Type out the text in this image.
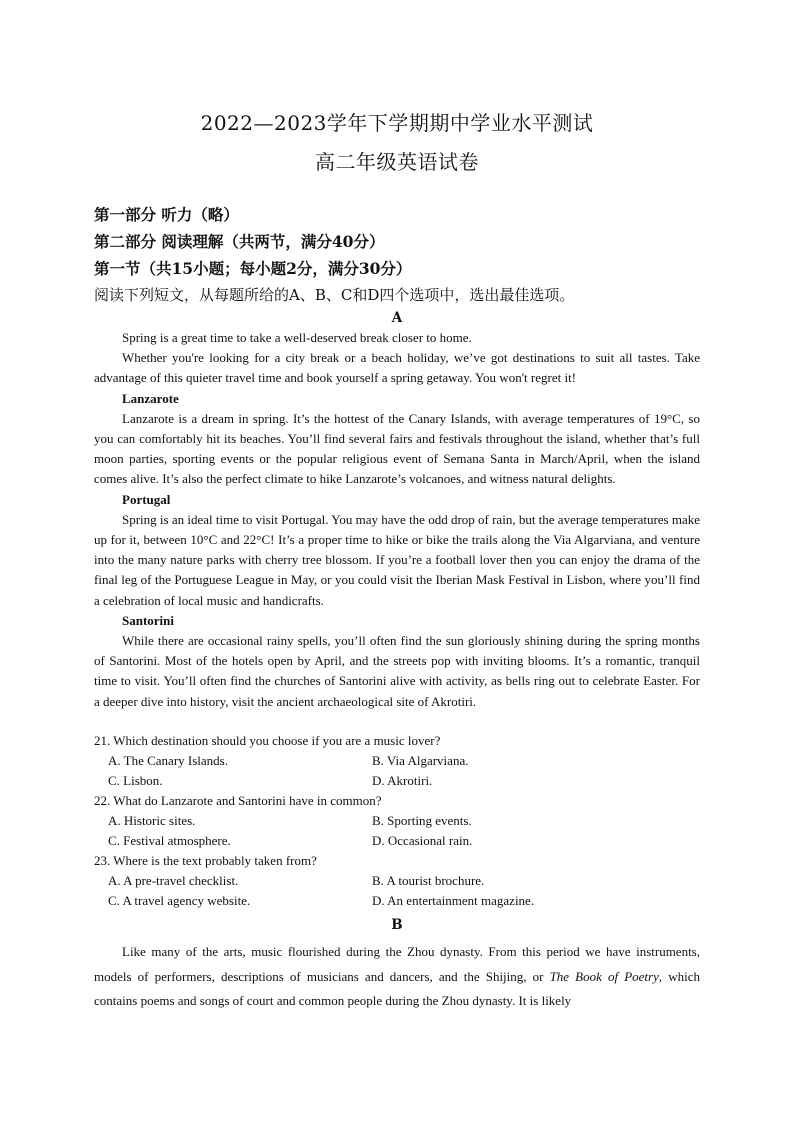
2022—2023学年下学期期中学业水平测试
高二年级英语试卷
第一部分 听力（略）
第二部分 阅读理解（共两节，满分40分）
第一节（共15小题；每小题2分，满分30分）
阅读下列短文，从每题所给的A、B、C和D四个选项中，选出最佳选项。
A

Spring is a great time to take a well-deserved break closer to home.

Whether you're looking for a city break or a beach holiday, we’ve got destinations to suit all tastes. Take advantage of this quieter travel time and book yourself a spring getaway. You won't regret it!

Lanzarote

Lanzarote is a dream in spring. It’s the hottest of the Canary Islands, with average temperatures of 19°C, so you can comfortably hit its beaches. You’ll find several fairs and festivals throughout the island, whether that’s full moon parties, sporting events or the popular religious event of Semana Santa in March/April, when the island comes alive. It’s also the perfect climate to hike Lanzarote’s volcanoes, and witness natural delights.

Portugal

Spring is an ideal time to visit Portugal. You may have the odd drop of rain, but the average temperatures make up for it, between 10°C and 22°C! It’s a proper time to hike or bike the trails along the Via Algarviana, and venture into the many nature parks with cherry tree blossom. If you’re a football lover then you can enjoy the drama of the final leg of the Portuguese League in May, or you could visit the Iberian Mask Festival in Lisbon, where you’ll find a celebration of local music and handicrafts.

Santorini

While there are occasional rainy spells, you’ll often find the sun gloriously shining during the spring months of Santorini. Most of the hotels open by April, and the streets pop with inviting blooms. It’s a romantic, tranquil time to visit. You’ll often find the churches of Santorini alive with activity, as bells ring out to celebrate Easter. For a deeper dive into history, visit the ancient archaeological site of Akrotiri.

21. Which destination should you choose if you are a music lover?

A. The Canary Islands.	B. Via Algarviana.
C. Lisbon.	D. Akrotiri.

22. What do Lanzarote and Santorini have in common?

A. Historic sites.	B. Sporting events.
C. Festival atmosphere.	D. Occasional rain.

23. Where is the text probably taken from?

A. A pre-travel checklist.	B. A tourist brochure.
C. A travel agency website.	D. An entertainment magazine.
B

Like many of the arts, music flourished during the Zhou dynasty. From this period we have instruments, models of performers, descriptions of musicians and dancers, and the Shijing, or The Book of Poetry, which contains poems and songs of court and common people during the Zhou dynasty. It is likely
